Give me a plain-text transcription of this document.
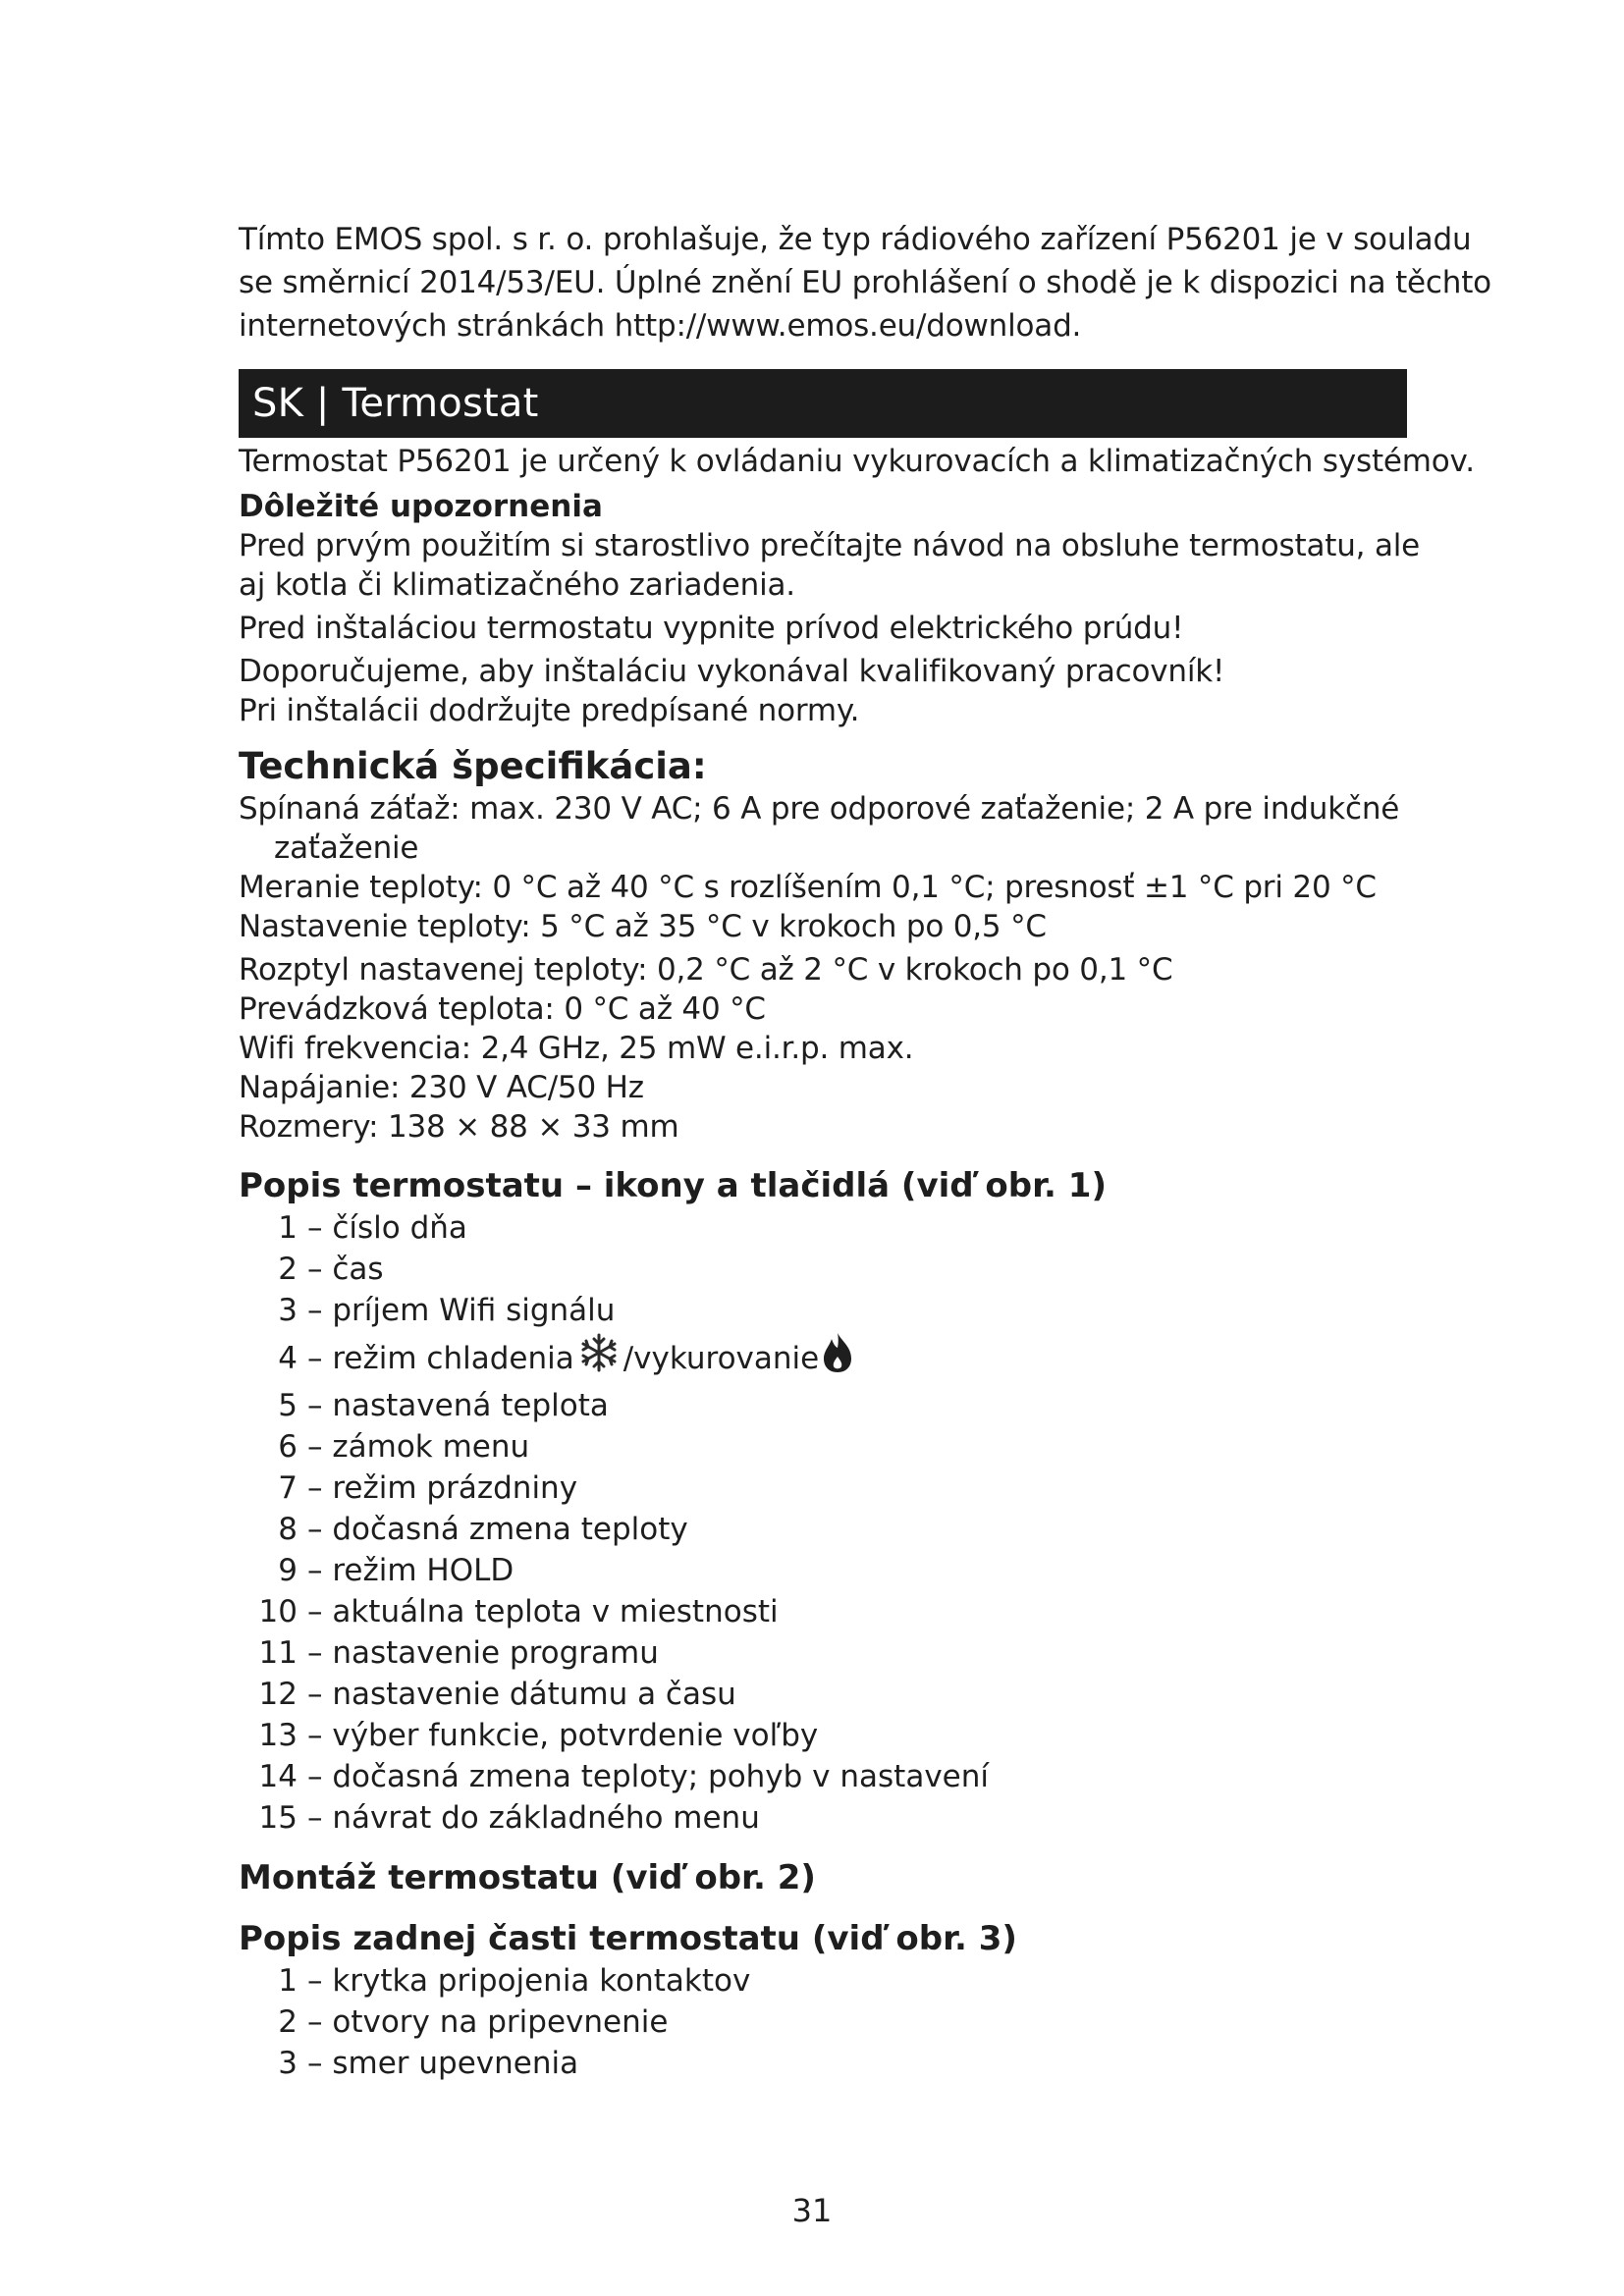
Tímto EMOS spol. s r. o. prohlašuje, že typ rádiového zařízení P56201 je v souladu
se směrnicí 2014/53/EU. Úplné znění EU prohlášení o shodě je k dispozici na těchto
internetových stránkách http://www.emos.eu/download.
SK | Termostat
Termostat P56201 je určený k ovládaniu vykurovacích a klimatizačných systémov.
Dôležité upozornenia
Pred prvým použitím si starostlivo prečítajte návod na obsluhe termostatu, ale
aj kotla či klimatizačného zariadenia.
Pred inštaláciou termostatu vypnite prívod elektrického prúdu!
Doporučujeme, aby inštaláciu vykonával kvalifikovaný pracovník!
Pri inštalácii dodržujte predpísané normy.
Technická špecifikácia:
Spínaná záťaž: max. 230 V AC; 6 A pre odporové zaťaženie; 2 A pre indukčné
zaťaženie
Meranie teploty: 0 °C až 40 °C s rozlíšením 0,1 °C; presnosť ±1 °C pri 20 °C
Nastavenie teploty: 5 °C až 35 °C v krokoch po 0,5 °C
Rozptyl nastavenej teploty: 0,2 °C až 2 °C v krokoch po 0,1 °C
Prevádzková teplota: 0 °C až 40 °C
Wifi frekvencia: 2,4 GHz, 25 mW e.i.r.p. max.
Napájanie: 230 V AC/50 Hz
Rozmery: 138 × 88 × 33 mm
Popis termostatu – ikony a tlačidlá (viď obr. 1)
1 – číslo dňa
2 – čas
3 – príjem Wifi signálu
4 – režim chladenia /vykurovanie
5 – nastavená teplota
6 – zámok menu
7 – režim prázdniny
8 – dočasná zmena teploty
9 – režim HOLD
10 – aktuálna teplota v miestnosti
11 – nastavenie programu
12 – nastavenie dátumu a času
13 – výber funkcie, potvrdenie voľby
14 – dočasná zmena teploty; pohyb v nastavení
15 – návrat do základného menu
Montáž termostatu (viď obr. 2)
Popis zadnej časti termostatu (viď obr. 3)
1 – krytka pripojenia kontaktov
2 – otvory na pripevnenie
3 – smer upevnenia
31
